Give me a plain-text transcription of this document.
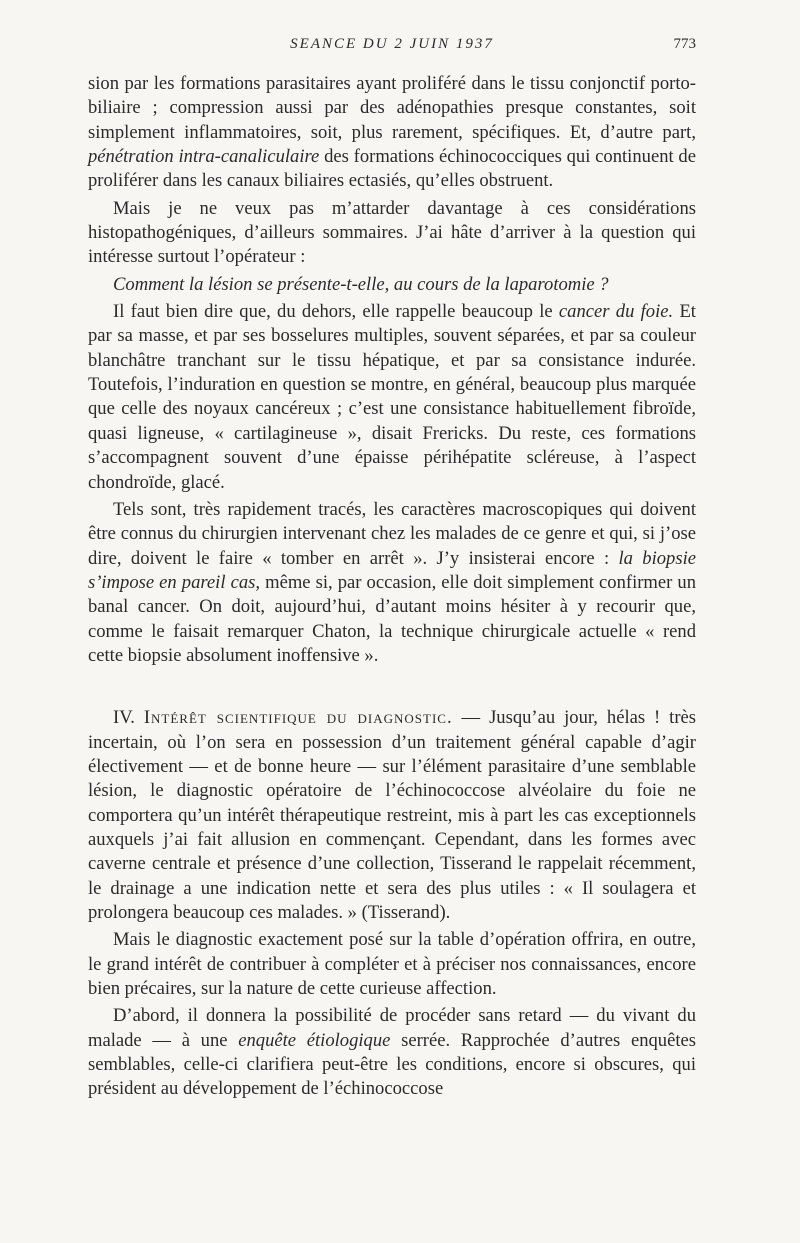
SEANCE DU 2 JUIN 1937	773

sion par les formations parasitaires ayant proliféré dans le tissu conjonctif porto-biliaire ; compression aussi par des adénopathies presque constantes, soit simplement inflammatoires, soit, plus rarement, spécifiques. Et, d’autre part, pénétration intra-canaliculaire des formations échinococciques qui continuent de proliférer dans les canaux biliaires ectasiés, qu’elles obstruent.

Mais je ne veux pas m’attarder davantage à ces considérations histopathogéniques, d’ailleurs sommaires. J’ai hâte d’arriver à la question qui intéresse surtout l’opérateur :

Comment la lésion se présente-t-elle, au cours de la laparotomie ?

Il faut bien dire que, du dehors, elle rappelle beaucoup le cancer du foie. Et par sa masse, et par ses bosselures multiples, souvent séparées, et par sa couleur blanchâtre tranchant sur le tissu hépatique, et par sa consistance indurée. Toutefois, l’induration en question se montre, en général, beaucoup plus marquée que celle des noyaux cancéreux ; c’est une consistance habituellement fibroïde, quasi ligneuse, « cartilagineuse », disait Frericks. Du reste, ces formations s’accompagnent souvent d’une épaisse périhépatite scléreuse, à l’aspect chondroïde, glacé.

Tels sont, très rapidement tracés, les caractères macroscopiques qui doivent être connus du chirurgien intervenant chez les malades de ce genre et qui, si j’ose dire, doivent le faire « tomber en arrêt ». J’y insisterai encore : la biopsie s’impose en pareil cas, même si, par occasion, elle doit simplement confirmer un banal cancer. On doit, aujourd’hui, d’autant moins hésiter à y recourir que, comme le faisait remarquer Chaton, la technique chirurgicale actuelle « rend cette biopsie absolument inoffensive ».

IV. Intérêt scientifique du diagnostic. — Jusqu’au jour, hélas ! très incertain, où l’on sera en possession d’un traitement général capable d’agir électivement — et de bonne heure — sur l’élément parasitaire d’une semblable lésion, le diagnostic opératoire de l’échinococcose alvéolaire du foie ne comportera qu’un intérêt thérapeutique restreint, mis à part les cas exceptionnels auxquels j’ai fait allusion en commençant. Cependant, dans les formes avec caverne centrale et présence d’une collection, Tisserand le rappelait récemment, le drainage a une indication nette et sera des plus utiles : « Il soulagera et prolongera beaucoup ces malades. » (Tisserand).

Mais le diagnostic exactement posé sur la table d’opération offrira, en outre, le grand intérêt de contribuer à compléter et à préciser nos connaissances, encore bien précaires, sur la nature de cette curieuse affection.

D’abord, il donnera la possibilité de procéder sans retard — du vivant du malade — à une enquête étiologique serrée. Rapprochée d’autres enquêtes semblables, celle-ci clarifiera peut-être les conditions, encore si obscures, qui président au développement de l’échinococcose
